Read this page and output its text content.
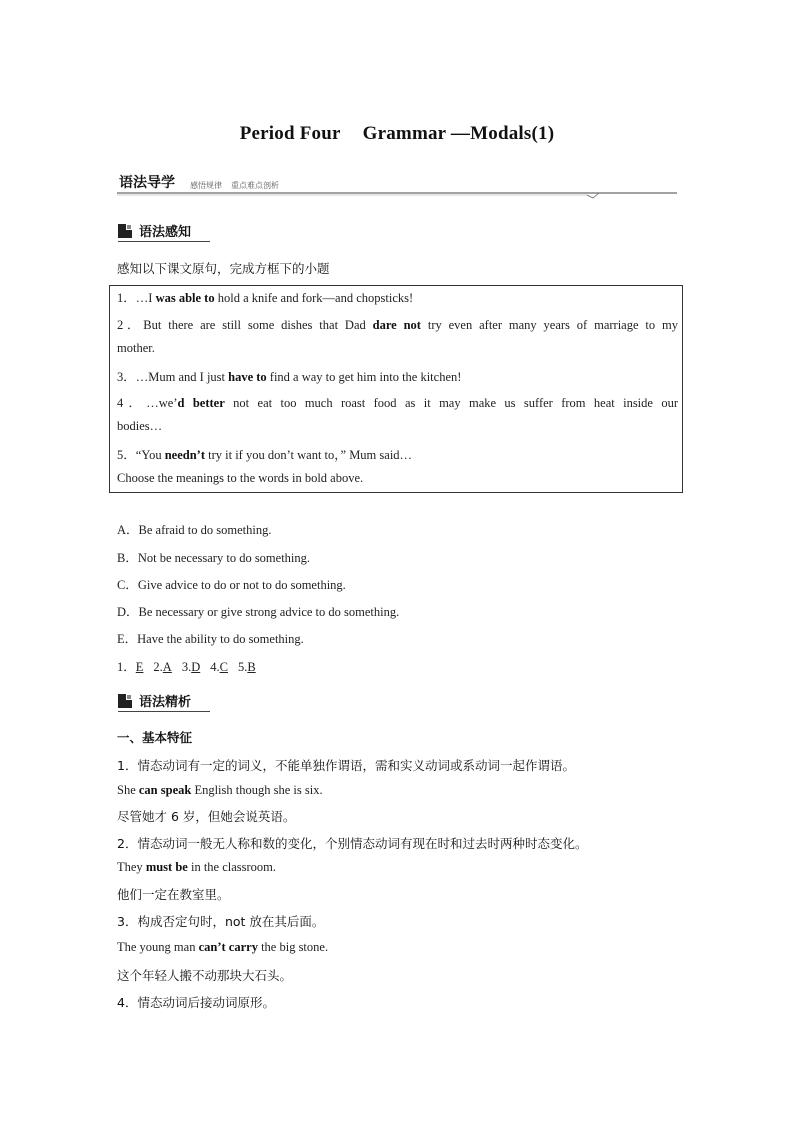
Period Four Grammar —Modals(1)
语法导学 感悟规律 重点难点剖析
语法感知
感知以下课文原句，完成方框下的小题
1．…I was able to hold a knife and fork—and chopsticks!
2．But there are still some dishes that Dad dare not try even after many years of marriage to my
mother.
3．…Mum and I just have to find a way to get him into the kitchen!
4．…we’d better not eat too much roast food as it may make us suffer from heat inside our
bodies…
5．“You needn’t try it if you don’t want to，” Mum said…
Choose the meanings to the words in bold above.
A．Be afraid to do something.
B．Not be necessary to do something.
C．Give advice to do or not to do something.
D．Be necessary or give strong advice to do something.
E．Have the ability to do something.
1．E 2.A 3.D 4.C 5.B
语法精析
一、基本特征
1．情态动词有一定的词义，不能单独作谓语，需和实义动词或系动词一起作谓语。
She can speak English though she is six.
尽管她才 6 岁，但她会说英语。
2．情态动词一般无人称和数的变化，个别情态动词有现在时和过去时两种时态变化。
They must be in the classroom.
他们一定在教室里。
3．构成否定句时，not 放在其后面。
The young man can’t carry the big stone.
这个年轻人搬不动那块大石头。
4．情态动词后接动词原形。
